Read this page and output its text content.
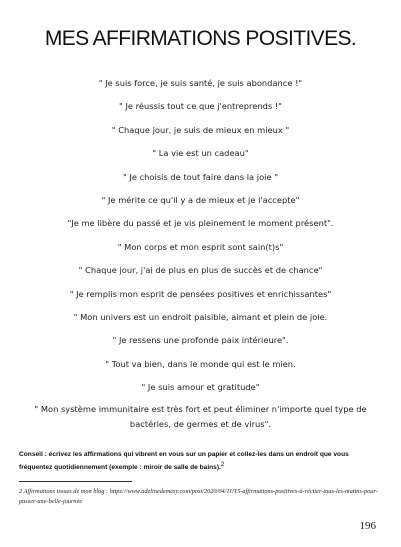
MES AFFIRMATIONS POSITIVES.
" Je suis force, je suis santé, je suis abondance !"
" Je réussis tout ce que j'entreprends !"
" Chaque jour, je suis de mieux en mieux "
" La vie est un cadeau"
" Je choisis de tout faire dans la joie "
" Je mérite ce qu'il y a de mieux et je l'accepte"
"Je me libère du passé et je vis pleinement le moment présent".
" Mon corps et mon esprit sont sain(t)s"
" Chaque jour, j'ai de plus en plus de succès et de chance"
" Je remplis mon esprit de pensées positives et enrichissantes"
" Mon univers est un endroit paisible, aimant et plein de joie.
" Je ressens une profonde paix intérieure".
" Tout va bien, dans le monde qui est le mien.
" Je suis amour et gratitude"
" Mon système immunitaire est très fort et peut éliminer n'importe quel type de bactéries, de germes et de virus".

Conseil : écrivez les affirmations qui vibrent en vous sur un papier et collez-les dans un endroit que vous fréquentez quotidiennement (exemple : miroir de salle de bains).$^2$

2 Affirmations issues de mon blog : https://www.adelinedemesy.com/post/2020/04/11/15-affirmations-positives-à-réciter-tous-les-matins-pour-passer-une-belle-journée

196
